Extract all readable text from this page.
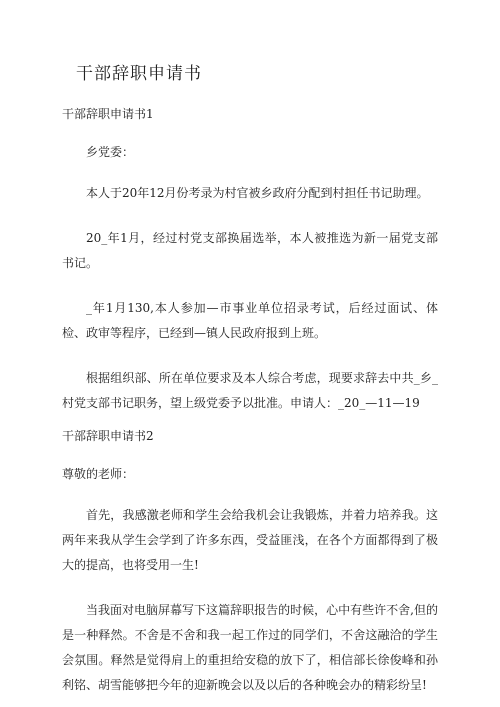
干部辞职申请书

干部辞职申请书1

乡党委：

本人于20年12月份考录为村官被乡政府分配到村担任书记助理。

20_年1月，经过村党支部换届选举，本人被推选为新一届党支部书记。

_年1月130,本人参加—市事业单位招录考试，后经过面试、体检、政审等程序，已经到—镇人民政府报到上班。

根据组织部、所在单位要求及本人综合考虑，现要求辞去中共_乡_村党支部书记职务，望上级党委予以批准。申请人：_20_—11—19

干部辞职申请书2

尊敬的老师：

首先，我感激老师和学生会给我机会让我锻炼，并着力培养我。这两年来我从学生会学到了许多东西，受益匪浅，在各个方面都得到了极大的提高，也将受用一生!

当我面对电脑屏幕写下这篇辞职报告的时候，心中有些许不舍,但的是一种释然。不舍是不舍和我一起工作过的同学们，不舍这融洽的学生会氛围。释然是觉得肩上的重担给安稳的放下了，相信部长徐俊峰和孙利铭、胡雪能够把今年的迎新晚会以及以后的各种晚会办的精彩纷呈!
